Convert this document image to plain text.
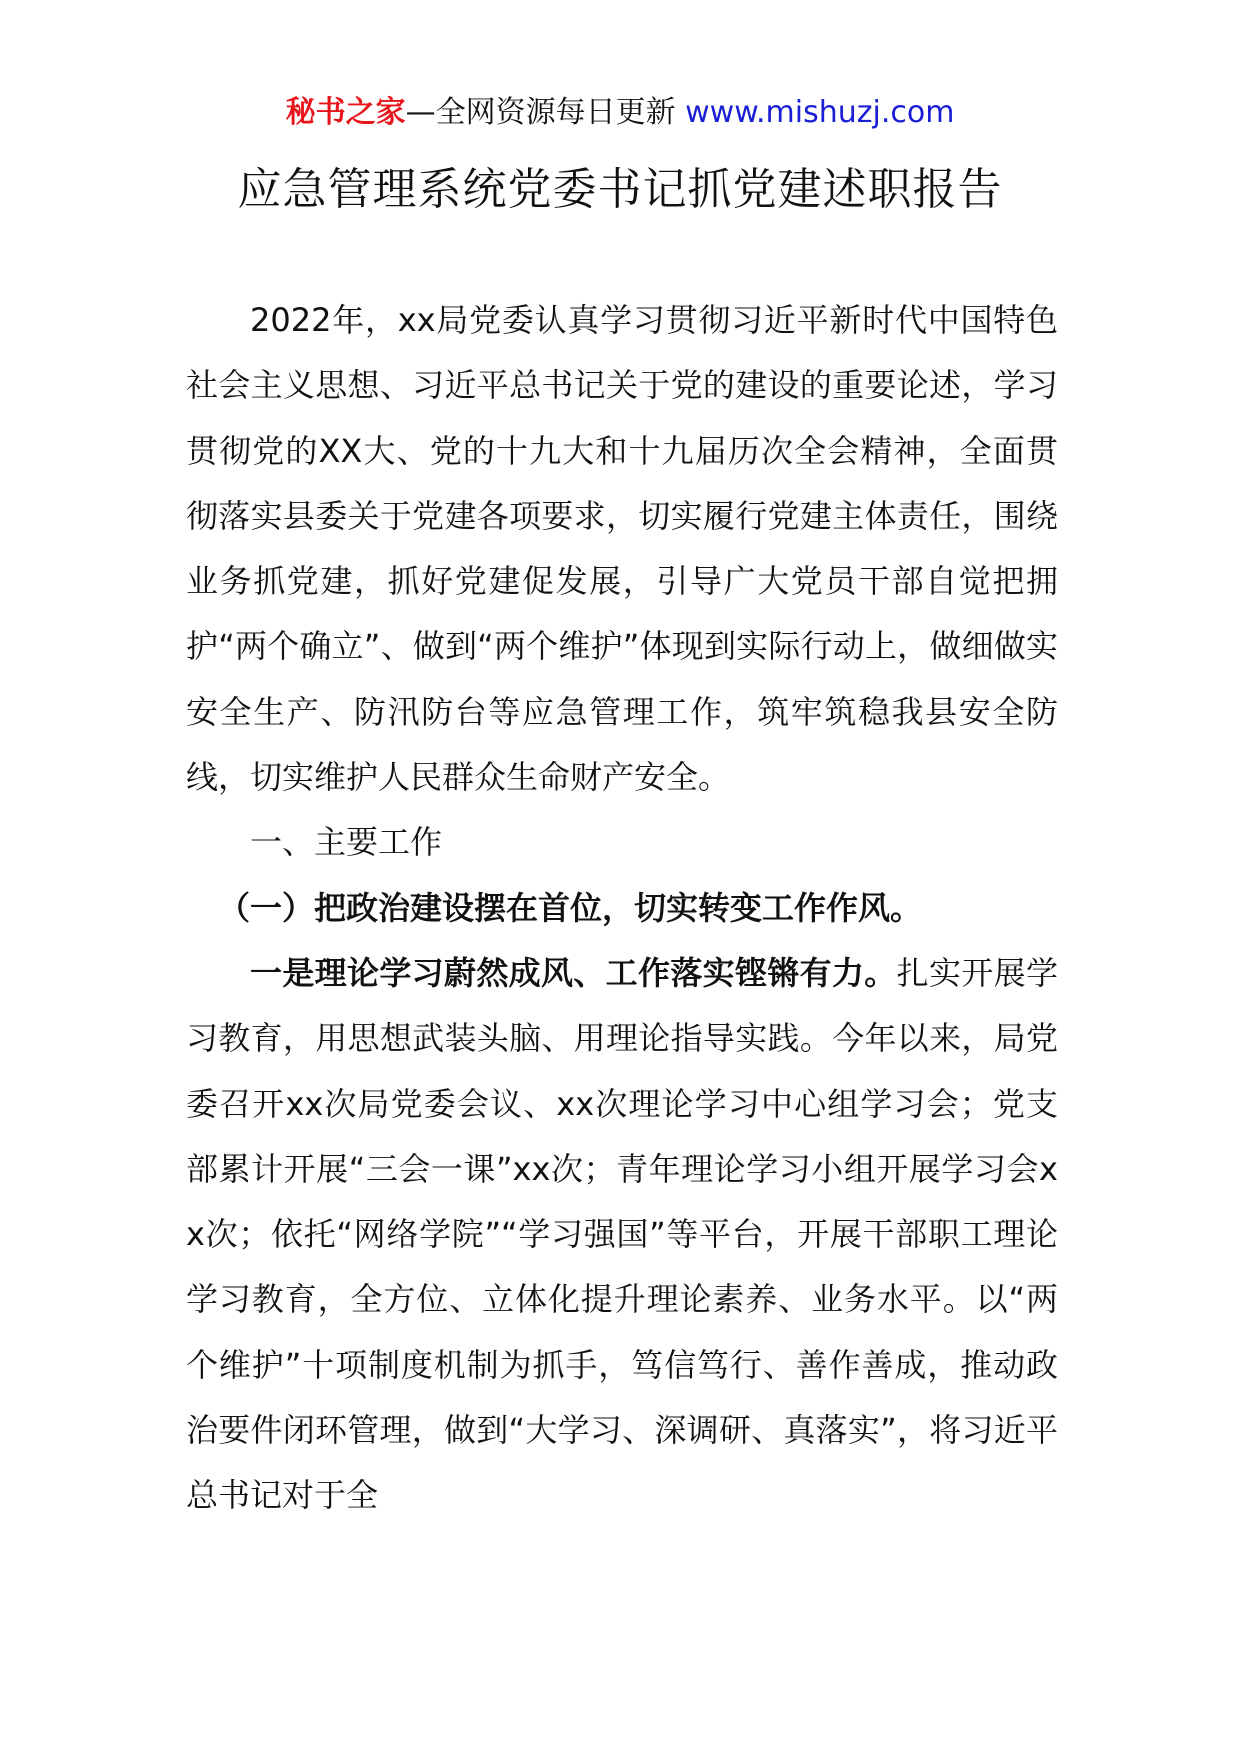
秘书之家—全网资源每日更新 www.mishuzj.com
应急管理系统党委书记抓党建述职报告

2022年，xx局党委认真学习贯彻习近平新时代中国特色社会主义思想、习近平总书记关于党的建设的重要论述，学习贯彻党的XX大、党的十九大和十九届历次全会精神，全面贯彻落实县委关于党建各项要求，切实履行党建主体责任，围绕业务抓党建，抓好党建促发展，引导广大党员干部自觉把拥护“两个确立”、做到“两个维护”体现到实际行动上，做细做实安全生产、防汛防台等应急管理工作，筑牢筑稳我县安全防线，切实维护人民群众生命财产安全。

一、主要工作

（一）把政治建设摆在首位，切实转变工作作风。

一是理论学习蔚然成风、工作落实铿锵有力。扎实开展学习教育，用思想武装头脑、用理论指导实践。今年以来，局党委召开xx次局党委会议、xx次理论学习中心组学习会；党支部累计开展“三会一课”xx次；青年理论学习小组开展学习会xx次；依托“网络学院”“学习强国”等平台，开展干部职工理论学习教育，全方位、立体化提升理论素养、业务水平。以“两个维护”十项制度机制为抓手，笃信笃行、善作善成，推动政治要件闭环管理，做到“大学习、深调研、真落实”，将习近平总书记对于全
